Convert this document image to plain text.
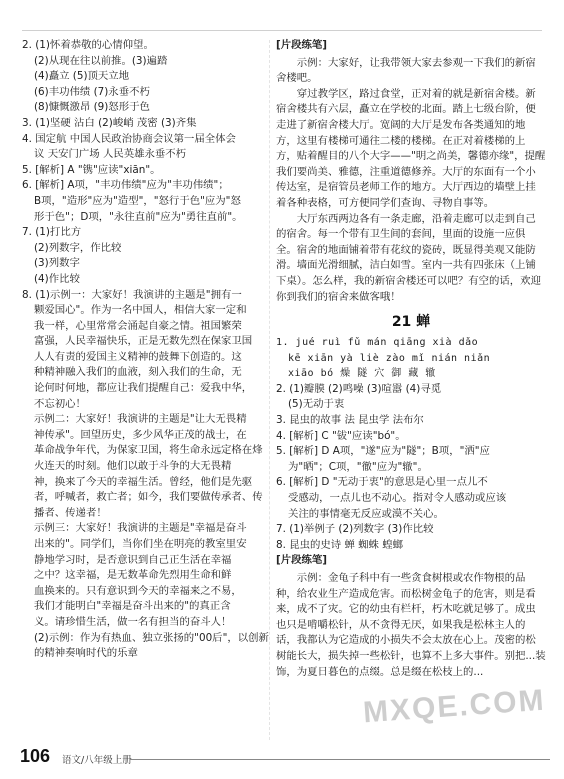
2. (1)怀着恭敬的心情仰望。

(2)从现在往以前推。(3)遍踏

(4)矗立 (5)顶天立地

(6)丰功伟绩 (7)永垂不朽

(8)慷慨激昂 (9)怒形于色

3. (1)坚硬 沾白 (2)峻峭 茂密 (3)齐集

4. 国定航 中国人民政治协商会议第一届全体会

议 天安门广场 人民英雄永垂不朽

5. [解析] A "镌"应读"xiān"。

6. [解析] A项，"丰功伟绩"应为"丰功伟绩"；

B项，"造形"应为"造型"，"怒行于色"应为"怒

形于色"；D项，"永往直前"应为"勇往直前"。

7. (1)打比方

(2)列数字，作比较

(3)列数字

(4)作比较

8. (1)示例一：大家好！我演讲的主题是"拥有一

颗爱国心"。作为一名中国人，相信大家一定和

我一样，心里常常会涌起自豪之情。祖国繁荣

富强，人民幸福快乐，正是无数先烈在保家卫国

人人有责的爱国主义精神的鼓舞下创造的。这

种精神融入我们的血液，刻入我们的生命，无

论何时何地，都应让我们提醒自己：爱我中华，

不忘初心！

示例二：大家好！我演讲的主题是"让大无畏精

神传承"。回望历史，多少风华正茂的战士，在

革命战争年代，为保家卫国，将生命永远定格在烽

火连天的时刻。他们以敢于斗争的大无畏精

神，换来了今天的幸福生活。曾经，他们是先驱

者，呼喊者，救亡者；如今，我们要做传承者、传

播者、传递者！

示例三：大家好！我演讲的主题是"幸福是奋斗

出来的"。同学们，当你们坐在明亮的教室里安

静地学习时，是否意识到自己正生活在幸福

之中？这幸福，是无数革命先烈用生命和鲜

血换来的。只有意识到今天的幸福来之不易，

我们才能明白"幸福是奋斗出来的"的真正含

义。请珍惜生活，做一名有担当的奋斗人！

(2)示例：作为有热血、独立张扬的"00后"，以创新

的精神奏响时代的乐章

[片段练笔]

示例：大家好，让我带领大家去参观一下我们的新宿舍楼吧。

穿过教学区，路过食堂，正对着的就是新宿舍楼。新宿舍楼共有六层，矗立在学校的北面。踏上七级台阶，便走进了新宿舍楼大厅。宽阔的大厅是发布各类通知的地方，这里有楼梯可通往二楼的楼梯。在正对着楼梯的上方，贴着醒目的八个大字——"明之尚美，馨德亦缘"，提醒我们要尚美、雅德，注重道德修养。大厅的东面有一个小传达室，是宿管员老师工作的地方。大厅西边的墙壁上挂着各种表格，可方便同学们查询、寻物自事等。

大厅东西两边各有一条走廊，沿着走廊可以走到自己的宿舍。每一个带有卫生间的套间，里面的设施一应俱全。宿舍的地面铺着带有花纹的瓷砖，既显得美观又能防滑。墙面光滑细腻，洁白如雪。室内一共有四张床（上铺下桌）。怎么样，我的新宿舍楼还可以吧？有空的话，欢迎你到我们的宿舍来做客哦！

21 蝉

1. jué ruì fǔ mán qiāng xià dǎo

kē xiān yà liè zào mǐ nián niǎn

xiāo bó 燥 隧 穴 御 藏 辙

2. (1)瓣膜 (2)鸣噪 (3)喧嚣 (4)寻觅

(5)无动于衷

3. 昆虫的故事 法 昆虫学 法布尔

4. [解析] C "钹"应读"bó"。

5. [解析] D A项，"遂"应为"隧"；B项，"洒"应

为"晒"；C项，"徹"应为"辙"。

6. [解析] D "无动于衷"的意思是心里一点儿不

受感动，一点儿也不动心。指对令人感动或应该

关注的事情毫无反应或漠不关心。

7. (1)举例子 (2)列数字 (3)作比较

8. 昆虫的史诗 蝉 蜘蛛 蝗螂

[片段练笔]

示例：金龟子科中有一些贪食树根或农作物根的品种，给农业生产造成危害。而松树金龟子的危害，则是看来，成不了灾。它的幼虫有栏杆，朽木吃就足够了。成虫也只是啃嚼松针，从不贪得无厌，如果我是松林主人的话，我都认为它造成的小损失不会太放在心上。茂密的松树能长大，损失掉一些松针，也算不上多大事件。别把...装饰，为夏日暮色的点缀。总是缀在松枝上的...

MXQE.COM
106 语文/八年级上册
